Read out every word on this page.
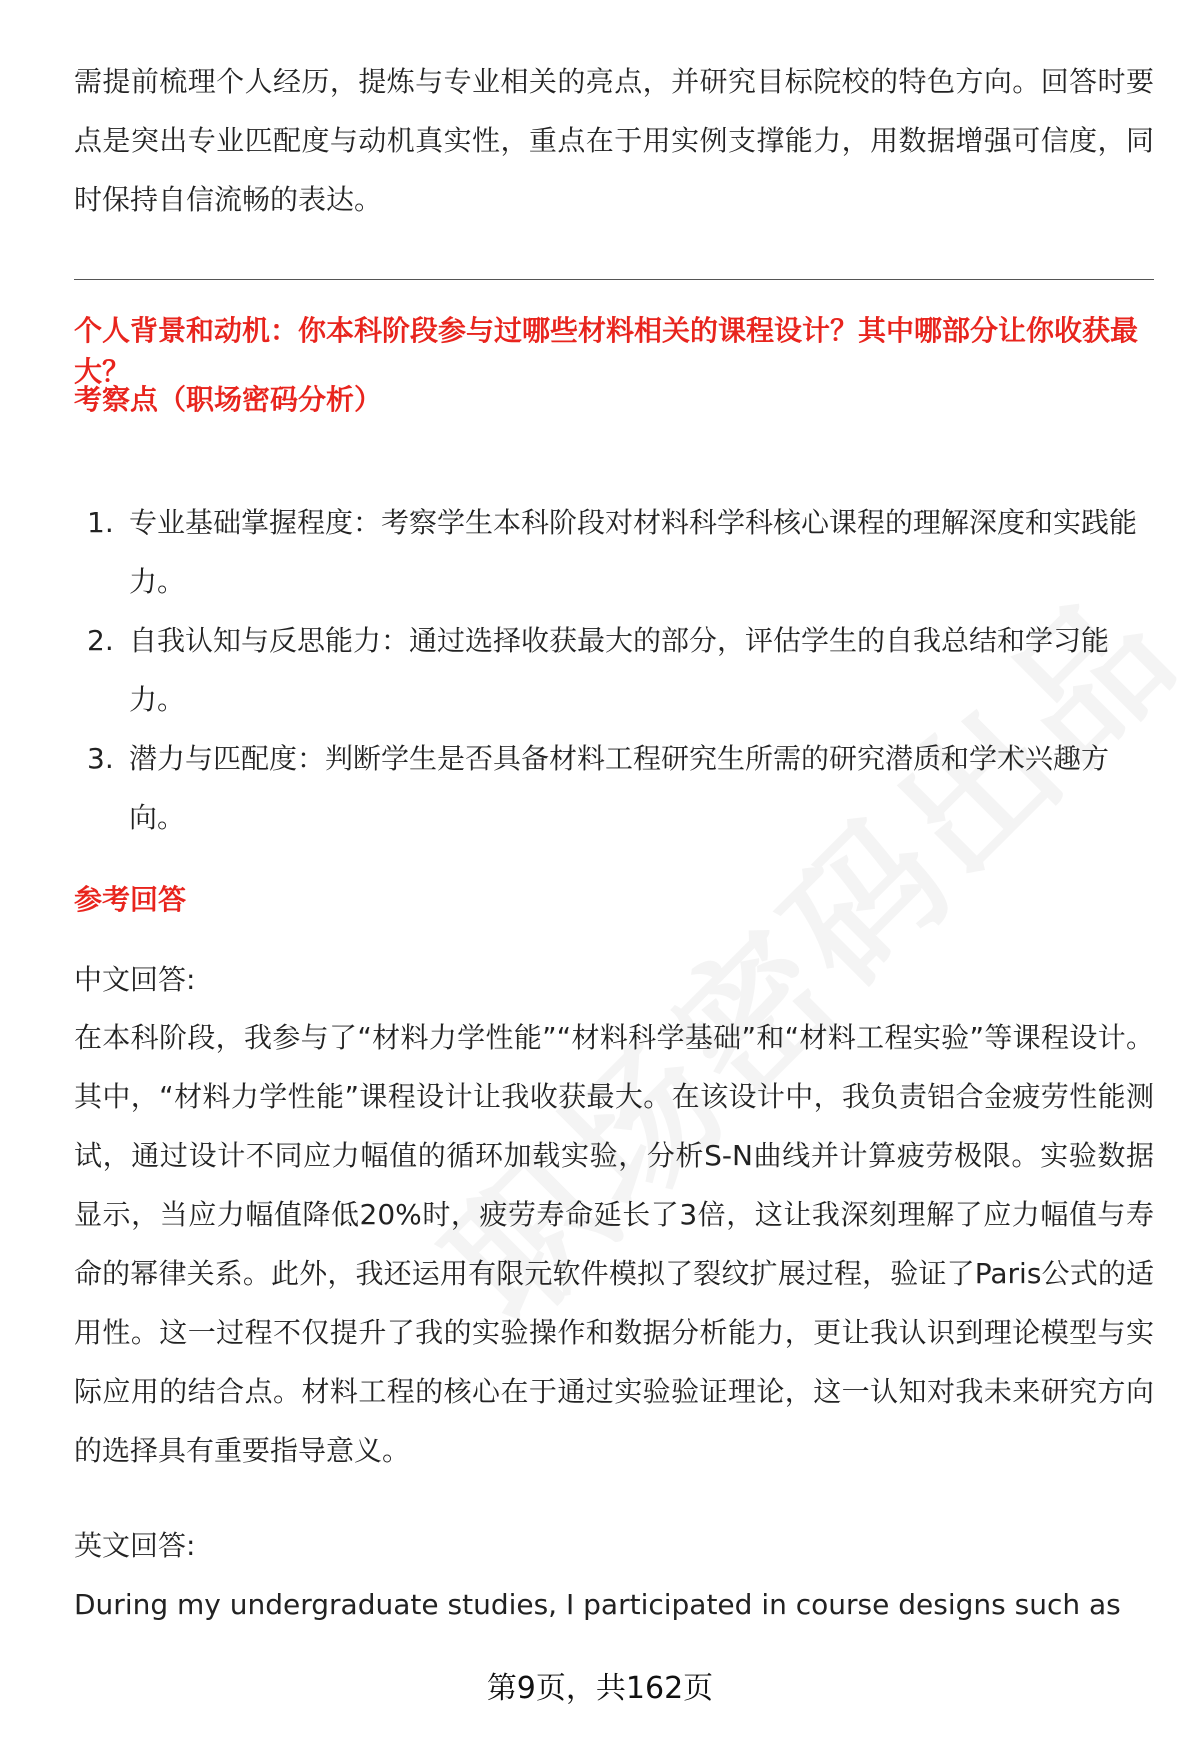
需提前梳理个人经历，提炼与专业相关的亮点，并研究目标院校的特色方向。回答时要点是突出专业匹配度与动机真实性，重点在于用实例支撑能力，用数据增强可信度，同时保持自信流畅的表达。

个人背景和动机：你本科阶段参与过哪些材料相关的课程设计？其中哪部分让你收获最大？

考察点（职场密码分析）

1. 专业基础掌握程度：考察学生本科阶段对材料科学科核心课程的理解深度和实践能力。
2. 自我认知与反思能力：通过选择收获最大的部分，评估学生的自我总结和学习能力。
3. 潜力与匹配度：判断学生是否具备材料工程研究生所需的研究潜质和学术兴趣方向。

参考回答

中文回答:

在本科阶段，我参与了“材料力学性能”“材料科学基础”和“材料工程实验”等课程设计。其中，“材料力学性能”课程设计让我收获最大。在该设计中，我负责铝合金疲劳性能测试，通过设计不同应力幅值的循环加载实验，分析S-N曲线并计算疲劳极限。实验数据显示，当应力幅值降低20%时，疲劳寿命延长了3倍，这让我深刻理解了应力幅值与寿命的幂律关系。此外，我还运用有限元软件模拟了裂纹扩展过程，验证了Paris公式的适用性。这一过程不仅提升了我的实验操作和数据分析能力，更让我认识到理论模型与实际应用的结合点。材料工程的核心在于通过实验验证理论，这一认知对我未来研究方向的选择具有重要指导意义。

英文回答:

During my undergraduate studies, I participated in course designs such as

第9页，共162页
